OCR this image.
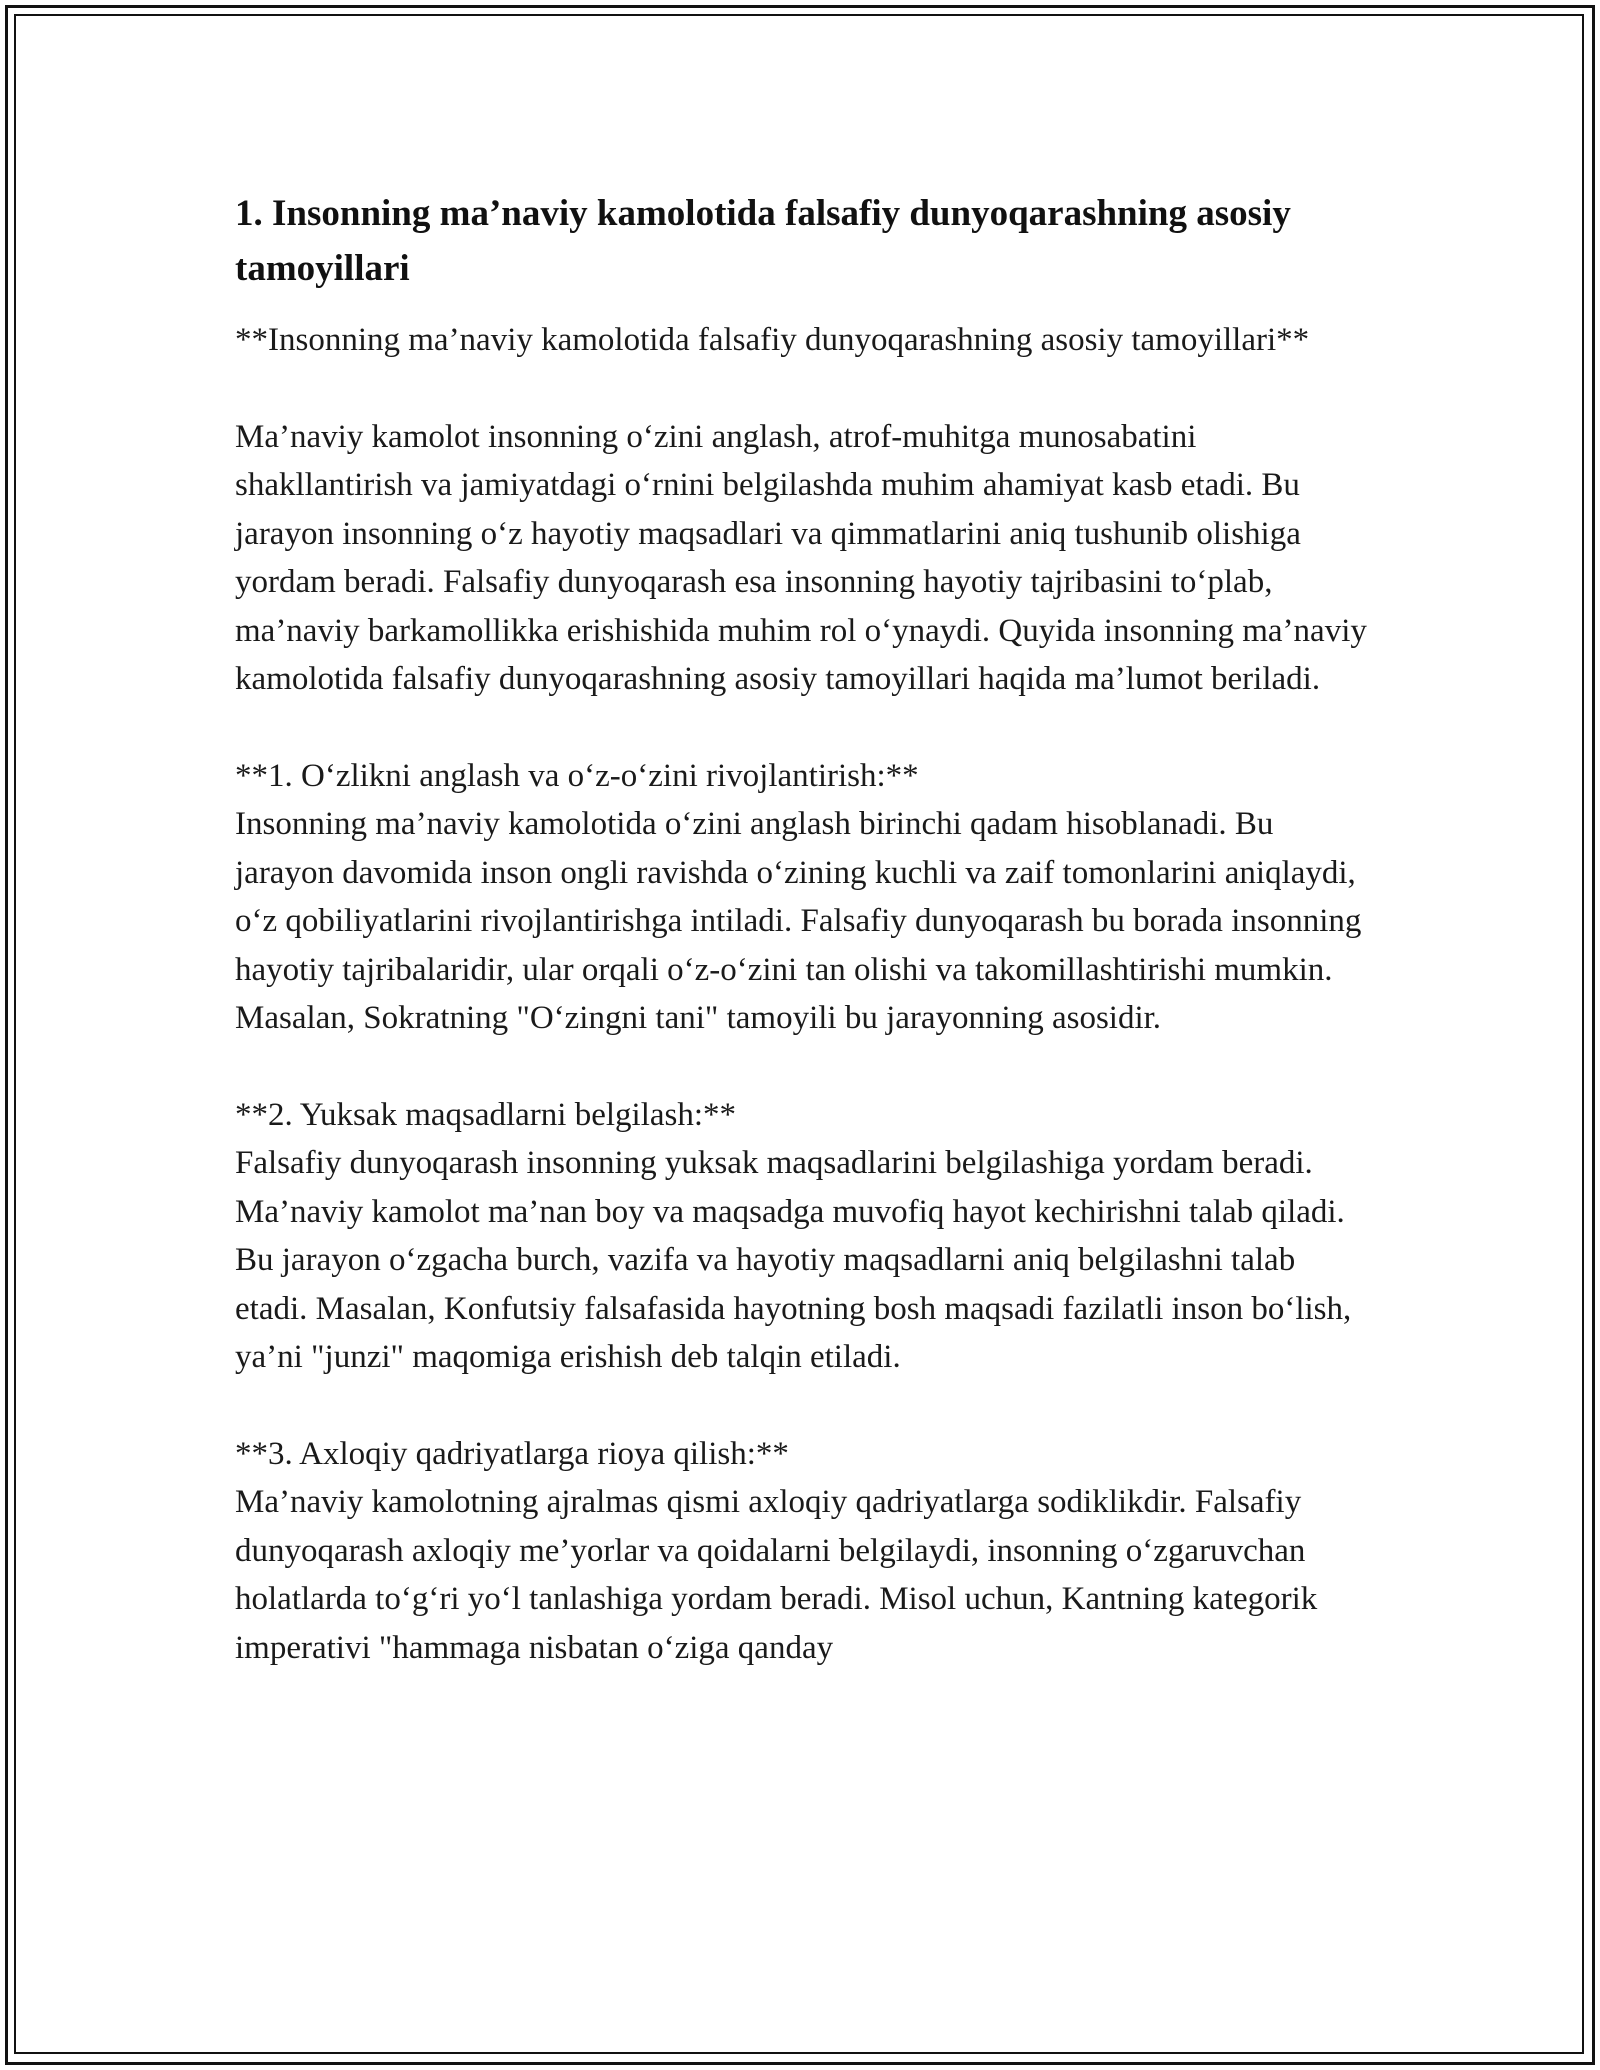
1. Insonning ma’naviy kamolotida falsafiy dunyoqarashning asosiy tamoyillari

**Insonning ma’naviy kamolotida falsafiy dunyoqarashning asosiy tamoyillari**

Ma’naviy kamolot insonning o‘zini anglash, atrof-muhitga munosabatini shakllantirish va jamiyatdagi o‘rnini belgilashda muhim ahamiyat kasb etadi. Bu jarayon insonning o‘z hayotiy maqsadlari va qimmatlarini aniq tushunib olishiga yordam beradi. Falsafiy dunyoqarash esa insonning hayotiy tajribasini to‘plab, ma’naviy barkamollikka erishishida muhim rol o‘ynaydi. Quyida insonning ma’naviy kamolotida falsafiy dunyoqarashning asosiy tamoyillari haqida ma’lumot beriladi.

**1. O‘zlikni anglash va o‘z-o‘zini rivojlantirish:**
Insonning ma’naviy kamolotida o‘zini anglash birinchi qadam hisoblanadi. Bu jarayon davomida inson ongli ravishda o‘zining kuchli va zaif tomonlarini aniqlaydi, o‘z qobiliyatlarini rivojlantirishga intiladi. Falsafiy dunyoqarash bu borada insonning hayotiy tajribalaridir, ular orqali o‘z-o‘zini tan olishi va takomillashtirishi mumkin. Masalan, Sokratning "O‘zingni tani" tamoyili bu jarayonning asosidir.
**2. Yuksak maqsadlarni belgilash:**
Falsafiy dunyoqarash insonning yuksak maqsadlarini belgilashiga yordam beradi. Ma’naviy kamolot ma’nan boy va maqsadga muvofiq hayot kechirishni talab qiladi. Bu jarayon o‘zgacha burch, vazifa va hayotiy maqsadlarni aniq belgilashni talab etadi. Masalan, Konfutsiy falsafasida hayotning bosh maqsadi fazilatli inson bo‘lish, ya’ni "junzi" maqomiga erishish deb talqin etiladi.
**3. Axloqiy qadriyatlarga rioya qilish:**
Ma’naviy kamolotning ajralmas qismi axloqiy qadriyatlarga sodiklikdir. Falsafiy dunyoqarash axloqiy me’yorlar va qoidalarni belgilaydi, insonning o‘zgaruvchan holatlarda to‘g‘ri yo‘l tanlashiga yordam beradi. Misol uchun, Kantning kategorik imperativi "hammaga nisbatan o‘ziga qanday
